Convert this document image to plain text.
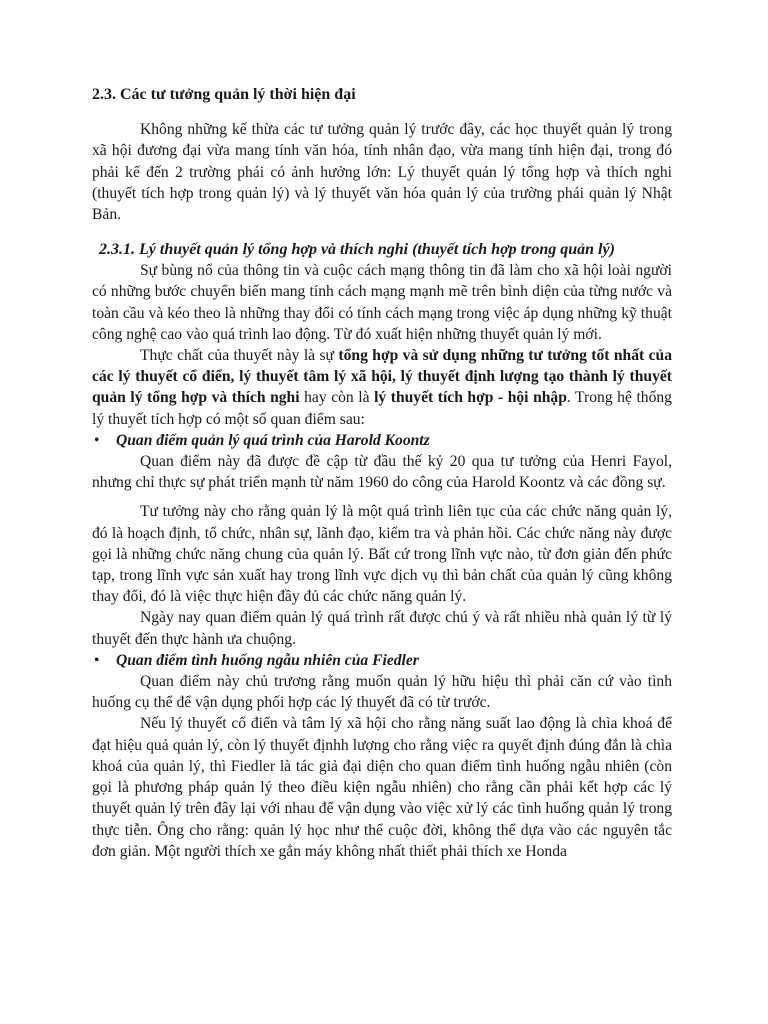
2.3. Các tư tưởng quản lý thời hiện đại

Không những kế thừa các tư tưởng quản lý trước đây, các học thuyết quản lý trong xã hội đương đại vừa mang tính văn hóa, tính nhân đạo, vừa mang tính hiện đại, trong đó phải kể đến 2 trường phái có ảnh hưởng lớn: Lý thuyết quản lý tổng hợp và thích nghi (thuyết tích hợp trong quản lý) và lý thuyết văn hóa quản lý của trường phái quản lý Nhật Bản.

2.3.1. Lý thuyết quản lý tổng hợp và thích nghi (thuyết tích hợp trong quản lý)

Sự bùng nổ của thông tin và cuộc cách mạng thông tin đã làm cho xã hội loài người có những bước chuyển biến mang tính cách mạng mạnh mẽ trên bình diện của từng nước và toàn cầu và kéo theo là những thay đổi có tính cách mạng trong việc áp dụng những kỹ thuật công nghệ cao vào quá trình lao động. Từ đó xuất hiện những thuyết quản lý mới.

Thực chất của thuyết này là sự tổng hợp và sử dụng những tư tưởng tốt nhất của các lý thuyết cổ điển, lý thuyết tâm lý xã hội, lý thuyết định lượng tạo thành lý thuyết quản lý tổng hợp và thích nghi hay còn là lý thuyết tích hợp - hội nhập. Trong hệ thống lý thuyết tích hợp có một số quan điểm sau:

•	Quan điểm quản lý quá trình của Harold Koontz

Quan điểm này đã được đề cập từ đầu thế kỷ 20 qua tư tưởng của Henri Fayol, nhưng chỉ thực sự phát triển mạnh từ năm 1960 do công của Harold Koontz và các đồng sự.

Tư tưởng này cho rằng quản lý là một quá trình liên tục của các chức năng quản lý, đó là hoạch định, tổ chức, nhân sự, lãnh đạo, kiểm tra và phản hồi. Các chức năng này được gọi là những chức năng chung của quản lý. Bất cứ trong lĩnh vực nào, từ đơn giản đến phức tạp, trong lĩnh vực sản xuất hay trong lĩnh vực dịch vụ thì bản chất của quản lý cũng không thay đổi, đó là việc thực hiện đầy đủ các chức năng quản lý.

Ngày nay quan điểm quản lý quá trình rất được chú ý và rất nhiều nhà quản lý từ lý thuyết đến thực hành ưa chuộng.

•	Quan điểm tình huống ngẫu nhiên của Fiedler

Quan điểm này chủ trương rằng muốn quản lý hữu hiệu thì phải căn cứ vào tình huống cụ thể để vận dụng phối hợp các lý thuyết đã có từ trước.

Nếu lý thuyết cổ điển và tâm lý xã hội cho rằng năng suất lao động là chìa khoá để đạt hiệu quả quản lý, còn lý thuyết địnhh lượng cho rằng việc ra quyết định đúng đắn là chìa khoá của quản lý, thì Fiedler là tác giả đại diện cho quan điểm tình huống ngẫu nhiên (còn gọi là phương pháp quản lý theo điều kiện ngẫu nhiên) cho rằng cần phải kết hợp các lý thuyết quản lý trên đây lại với nhau để vận dụng vào việc xử lý các tình huống quản lý trong thực tiễn. Ông cho rằng: quản lý học như thể cuộc đời, không thể dựa vào các nguyên tắc đơn giản. Một người thích xe gắn máy không nhất thiết phải thích xe Honda
